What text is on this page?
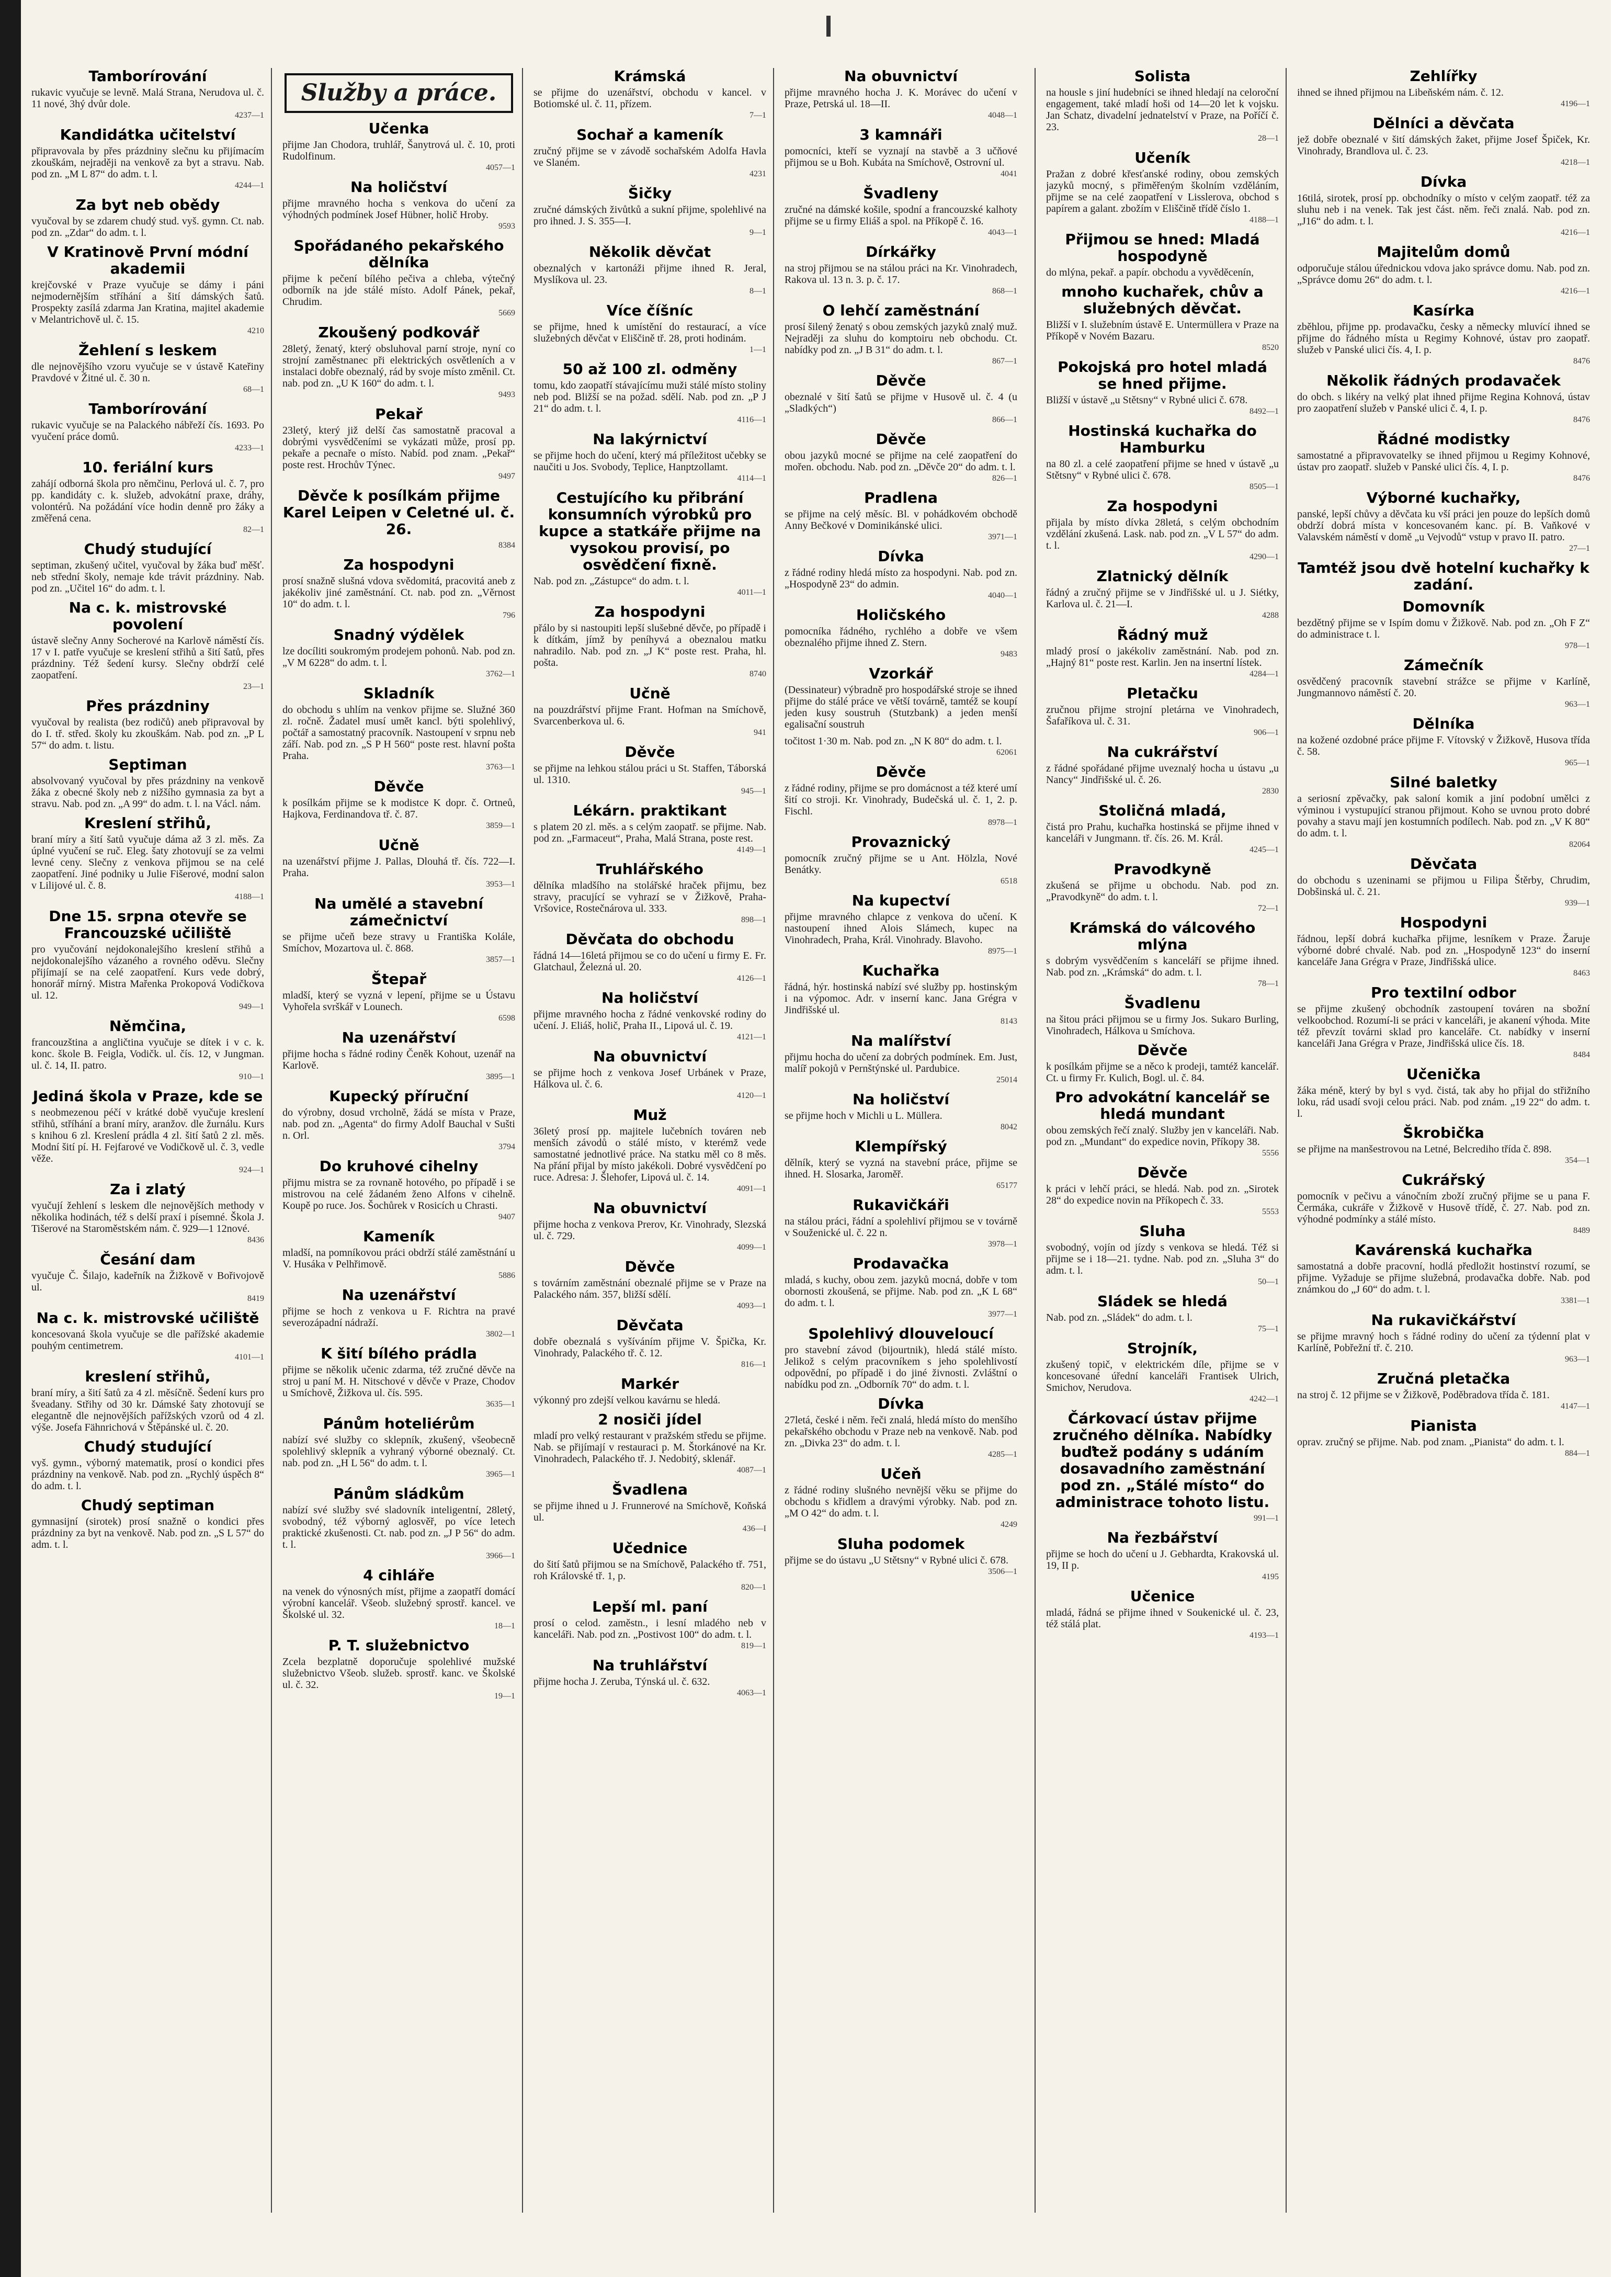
Tamborírování

rukavic vyučuje se levně. Malá Strana, Nerudova ul. č. 11 nové, 3hý dvůr dole.

4237—1

Kandidátka učitelství

připravovala by přes prázdniny slečnu ku přijímacím zkouškám, nejraději na venkově za byt a stravu. Nab. pod zn. „M L 87“ do adm. t. l.

4244—1

Za byt neb obědy

vyučoval by se zdarem chudý stud. vyš. gymn. Ct. nab. pod zn. „Zdar“ do adm. t. l.

V Kratinově První módní akademii

krejčovské v Praze vyučuje se dámy i páni nejmodernějším stříhání a šití dámských šatů. Prospekty zasílá zdarma Jan Kratina, majitel akademie v Melantrichově ul. č. 15.

4210

Žehlení s leskem

dle nejnovějšího vzoru vyučuje se v ústavě Kateřiny Pravdové v Žitné ul. č. 30 n.

68—1

Tamborírování

rukavic vyučuje se na Palackého nábřeží čís. 1693. Po vyučení práce domů.

4233—1

10. feriální kurs

zahájí odborná škola pro němčinu, Perlová ul. č. 7, pro pp. kandidáty c. k. služeb, advokátní praxe, dráhy, volontérů. Na požádání více hodin denně pro žáky a změřená cena.

82—1

Chudý studující

septiman, zkušený učitel, vyučoval by žáka buď měšť. neb střední školy, nemaje kde trávit prázdniny. Nab. pod zn. „Učitel 16“ do adm. t. l.

Na c. k. mistrovské povolení

ústavě slečny Anny Socherové na Karlově náměstí čís. 17 v I. patře vyučuje se kreslení střihů a šití šatů, přes prázdniny. Též šedení kursy. Slečny obdrží celé zaopatření.

23—1

Přes prázdniny

vyučoval by realista (bez rodičů) aneb připravoval by do I. tř. střed. školy ku zkouškám. Nab. pod zn. „P L 57“ do adm. t. listu.

Septiman

absolvovaný vyučoval by přes prázdniny na venkově žáka z obecné školy neb z nižšího gymnasia za byt a stravu. Nab. pod zn. „A 99“ do adm. t. l. na Václ. nám.

Kreslení střihů,

braní míry a šití šatů vyučuje dáma až 3 zl. měs. Za úplné vyučení se ruč. Eleg. šaty zhotovují se za velmi levné ceny. Slečny z venkova přijmou se na celé zaopatření. Jiné podniky u Julie Fišerové, modní salon v Lilijové ul. č. 8.

4188—1

Dne 15. srpna otevře se Francouzské učiliště

pro vyučování nejdokonalejšího kreslení střihů a nejdokonalejšího vázaného a rovného oděvu. Slečny přijímají se na celé zaopatření. Kurs vede dobrý, honorář mírný. Mistra Mařenka Prokopová Vodičkova ul. 12.

949—1

Němčina,

francouzština a angličtina vyučuje se dítek i v c. k. konc. škole B. Feigla, Vodičk. ul. čís. 12, v Jungman. ul. č. 14, II. patro.

910—1

Jediná škola v Praze, kde se

s neobmezenou péčí v krátké době vyučuje kreslení střihů, stříhání a braní míry, aranžov. dle žurnálu. Kurs s knihou 6 zl. Kreslení prádla 4 zl. šití šatů 2 zl. měs. Modní šití pí. H. Fejfarové ve Vodičkově ul. č. 3, vedle věže.

924—1

Za i zlatý

vyučují žehlení s leskem dle nejnovějších methody v několika hodinách, též s delší praxí i písemné. Škola J. Tišerové na Staroměstském nám. č. 929—1 12nové.

8436

Česání dam

vyučuje Č. Šilajo, kadeřník na Žižkově v Bořivojově ul.

8419

Na c. k. mistrovské učiliště

koncesovaná škola vyučuje se dle pařížské akademie pouhým centimetrem.

4101—1

kreslení střihů,

braní míry, a šití šatů za 4 zl. měsíčně. Šedení kurs pro šveadany. Střihy od 30 kr. Dámské šaty zhotovují se elegantně dle nejnovějších pařížských vzorů od 4 zl. výše. Josefa Fähnrichová v Štěpánské ul. č. 20.

Chudý studující

vyš. gymn., výborný matematik, prosí o kondici přes prázdniny na venkově. Nab. pod zn. „Rychlý úspěch 8“ do adm. t. l.

Chudý septiman

gymnasijní (sirotek) prosí snažně o kondici přes prázdniny za byt na venkově. Nab. pod zn. „S L 57“ do adm. t. l.

Služby a práce.

Učenka

přijme Jan Chodora, truhlář, Šanytrová ul. č. 10, proti Rudolfinum.

4057—1

Na holičství

přijme mravného hocha s venkova do učení za výhodných podmínek Josef Hübner, holič Hroby.

9593

Spořádaného pekařského dělníka

přijme k pečení bílého pečiva a chleba, výtečný odborník na jde stálé místo. Adolf Pánek, pekař, Chrudim.

5669

Zkoušený podkovář

28letý, ženatý, který obsluhoval parní stroje, nyní co strojní zaměstnanec při elektrických osvětleních a v instalaci dobře obeznalý, rád by svoje místo změnil. Ct. nab. pod zn. „U K 160“ do adm. t. l.

9493

Pekař

23letý, který již delší čas samostatně pracoval a dobrými vysvědčeními se vykázati může, prosí pp. pekaře a pecnaře o místo. Nabíd. pod znam. „Pekař“ poste rest. Hrochův Týnec.

9497

Děvče k posílkám přijme Karel Leipen v Celetné ul. č. 26.

8384

Za hospodyni

prosí snažně slušná vdova svědomitá, pracovitá aneb z jakékoliv jiné zaměstnání. Ct. nab. pod zn. „Věrnost 10“ do adm. t. l.

796

Snadný výdělek

lze docíliti soukromým prodejem pohonů. Nab. pod zn. „V M 6228“ do adm. t. l.

3762—1

Skladník

do obchodu s uhlím na venkov přijme se. Služné 360 zl. ročně. Žadatel musí umět kancl. býti spolehlivý, počtář a samostatný pracovník. Nastoupení v srpnu neb září. Nab. pod zn. „S P H 560“ poste rest. hlavní pošta Praha.

3763—1

Děvče

k posílkám přijme se k modistce K dopr. č. Ortneů, Hajkova, Ferdinandova tř. č. 87.

3859—1

Učně

na uzenářství přijme J. Pallas, Dlouhá tř. čís. 722—I. Praha.

3953—1

Na umělé a stavební zámečnictví

se přijme učeň beze stravy u Františka Kolále, Smíchov, Mozartova ul. č. 868.

3857—1

Štepař

mladší, který se vyzná v lepení, přijme se u Ústavu Vyhořela svrškář v Lounech.

6598

Na uzenářství

přijme hocha s řádné rodiny Čeněk Kohout, uzenář na Karlově.

3895—1

Kupecký příruční

do výrobny, dosud vrcholně, žádá se místa v Praze, nab. pod zn. „Agenta“ do firmy Adolf Bauchal v Sušti n. Orl.

3794

Do kruhové cihelny

přijmu mistra se za rovnaně hotového, po případě i se mistrovou na celé žádaném ženo Alfons v cihelně. Koupě po ruce. Jos. Šochůrek v Rosicích u Chrasti.

9407

Kameník

mladší, na pomníkovou práci obdrží stálé zaměstnání u V. Husáka v Pelhřimově.

5886

Na uzenářství

přijme se hoch z venkova u F. Richtra na pravé severozápadní nádraží.

3802—1

K šití bílého prádla

přijme se několik učenic zdarma, též zručné děvče na stroj u paní M. H. Nitschové v děvče v Praze, Chodov u Smíchově, Žižkova ul. čís. 595.

3635—1

Pánům hoteliérům

nabízí své služby co sklepník, zkušený, všeobecně spolehlivý sklepník a vyhraný výborné obeznalý. Ct. nab. pod zn. „H L 56“ do adm. t. l.

3965—1

Pánům sládkům

nabízí své služby své sladovník inteligentní, 28letý, svobodný, též výborný aglosvěř, po více letech praktické zkušenosti. Ct. nab. pod zn. „J P 56“ do adm. t. l.

3966—1

4 cihláře

na venek do výnosných míst, přijme a zaopatří domácí výrobní kancelář. Všeob. služebný sprostř. kancel. ve Školské ul. 32.

18—1

P. T. služebnictvo

Zcela bezplatně doporučuje spolehlivé mužské služebnictvo Všeob. služeb. sprostř. kanc. ve Školské ul. č. 32.

19—1

Krámská

se přijme do uzenářství, obchodu v kancel. v Botiomské ul. č. 11, přízem.

7—1

Sochař a kameník

zručný přijme se v závodě sochařském Adolfa Havla ve Slaném.

4231

Šičky

zručné dámských živůtků a sukní přijme, spolehlivé na pro ihned. J. S. 355—I.

9—1

Několik děvčat

obeznalých v kartonáži přijme ihned R. Jeral, Myslíkova ul. 23.

8—1

Více číšníc

se přijme, hned k umístění do restaurací, a více služebných děvčat v Eliščině tř. 28, proti hodinám.

1—1

50 až 100 zl. odměny

tomu, kdo zaopatří stávajícímu muži stálé místo stoliny neb pod. Bližší se na požad. sdělí. Nab. pod zn. „P J 21“ do adm. t. l.

4116—1

Na lakýrnictví

se přijme hoch do učení, který má příležitost učebky se naučiti u Jos. Svobody, Teplice, Hanptzollamt.

4114—1

Cestujícího ku přibrání konsumních výrobků pro kupce a statkáře přijme na vysokou provisí, po osvědčení fixně.

Nab. pod zn. „Zástupce“ do adm. t. l.

4011—1

Za hospodyni

přálo by si nastoupiti lepší slušebné děvče, po případě i k dítkám, jímž by peníhyvá a obeznalou matku nahradilo. Nab. pod zn. „J K“ poste rest. Praha, hl. pošta.

8740

Učně

na pouzdrářství přijme Frant. Hofman na Smíchově, Svarcenberkova ul. 6.

941

Děvče

se přijme na lehkou stálou práci u St. Staffen, Táborská ul. 1310.

945—1

Lékárn. praktikant

s platem 20 zl. měs. a s celým zaopatř. se přijme. Nab. pod zn. „Farmaceut“, Praha, Malá Strana, poste rest.

4149—1

Truhlářského

dělníka mladšího na stolářské hraček přijmu, bez stravy, pracující se vyhrazí se v Žižkově, Praha-Vršovice, Rostečnárova ul. 333.

898—1

Děvčata do obchodu

řádná 14—16letá přijmou se co do učení u firmy E. Fr. Glatchaul, Železná ul. 20.

4126—1

Na holičství

přijme mravného hocha z řádné venkovské rodiny do učení. J. Eliáš, holič, Praha II., Lipová ul. č. 19.

4121—1

Na obuvnictví

se přijme hoch z venkova Josef Urbánek v Praze, Hálkova ul. č. 6.

4120—1

Muž

36letý prosí pp. majitele lučebních továren neb menších závodů o stálé místo, v kterémž vede samostatné jednotlivé práce. Na statku měl co 8 měs. Na přání přijal by místo jakékoli. Dobré vysvědčení po ruce. Adresa: J. Šlehofer, Lipová ul. č. 14.

4091—1

Na obuvnictví

přijme hocha z venkova Prerov, Kr. Vinohrady, Slezská ul. č. 729.

4099—1

Děvče

s továrním zaměstnání obeznalé přijme se v Praze na Palackého nám. 357, bližší sdělí.

4093—1

Děvčata

dobře obeznalá s vyšíváním přijme V. Špička, Kr. Vinohrady, Palackého tř. č. 12.

816—1

Markér

výkonný pro zdejší velkou kavárnu se hledá.

2 nosiči jídel

mladí pro velký restaurant v pražském středu se přijme. Nab. se přijímají v restauraci p. M. Štorkánové na Kr. Vinohradech, Palackého tř. J. Nedobitý, sklenář.

4087—1

Švadlena

se přijme ihned u J. Frunnerové na Smíchově, Koňská ul.

436—I

Učednice

do šití šatů přijmou se na Smíchově, Palackého tř. 751, roh Královské tř. 1, p.

820—1

Lepší ml. paní

prosí o celod. zaměstn., i lesní mladého neb v kanceláři. Nab. pod zn. „Postivost 100“ do adm. t. l.

819—1

Na truhlářství

přijme hocha J. Zeruba, Týnská ul. č. 632.

4063—1

Na obuvnictví

přijme mravného hocha J. K. Morávec do učení v Praze, Petrská ul. 18—II.

4048—1

3 kamnáři

pomocníci, kteří se vyznají na stavbě a 3 učňové přijmou se u Boh. Kubáta na Smíchově, Ostrovní ul.

4041

Švadleny

zručné na dámské košile, spodní a francouzské kalhoty přijme se u firmy Eliáš a spol. na Příkopě č. 16.

4043—1

Dírkářky

na stroj přijmou se na stálou práci na Kr. Vinohradech, Rakova ul. 13 n. 3. p. č. 17.

868—1

O lehčí zaměstnání

prosí šilený ženatý s obou zemských jazyků znalý muž. Nejraději za sluhu do komptoiru neb obchodu. Ct. nabídky pod zn. „J B 31“ do adm. t. l.

867—1

Děvče

obeznalé v šití šatů se přijme v Husově ul. č. 4 (u „Sladkých“)

866—1

Děvče

obou jazyků mocné se přijme na celé zaopatření do mořen. obchodu. Nab. pod zn. „Děvče 20“ do adm. t. l.

826—1

Pradlena

se přijme na celý měsíc. Bl. v pohádkovém obchodě Anny Bečkové v Dominikánské ulici.

3971—1

Dívka

z řádné rodiny hledá místo za hospodyni. Nab. pod zn. „Hospodyně 23“ do admin.

4040—1

Holičského

pomocníka řádného, rychlého a dobře ve všem obeznalého přijme ihned Z. Stern.

9483

Vzorkář

(Dessinateur) výbradně pro hospodářské stroje se ihned přijme do stálé práce ve větší továrně, tamtéž se koupí jeden kusy soustruh (Stutzbank) a jeden menší egalisační soustruh

točitost 1·30 m. Nab. pod zn. „N K 80“ do adm. t. l.

62061

Děvče

z řádné rodiny, přijme se pro domácnost a též které umí šití co stroji. Kr. Vinohrady, Budečská ul. č. 1, 2. p. Fischl.

8978—1

Provaznický

pomocník zručný přijme se u Ant. Hölzla, Nové Benátky.

6518

Na kupectví

přijme mravného chlapce z venkova do učení. K nastoupení ihned Alois Slámech, kupec na Vinohradech, Praha, Král. Vinohrady. Blavoho.

8975—1

Kuchařka

řádná, hýr. hostinská nabízí své služby pp. hostinským i na výpomoc. Adr. v inserní kanc. Jana Grégra v Jindřišské ul.

8143

Na malířství

přijmu hocha do učení za dobrých podmínek. Em. Just, malíř pokojů v Pernštýnské ul. Pardubice.

25014

Na holičství

se přijme hoch v Michli u L. Müllera.

8042

Klempířský

dělník, který se vyzná na stavební práce, přijme se ihned. H. Slosarka, Jaroměř.

65177

Rukavičkáři

na stálou práci, řádní a spolehliví přijmou se v továrně v Souženické ul. č. 22 n.

3978—1

Prodavačka

mladá, s kuchy, obou zem. jazyků mocná, dobře v tom obornosti zkoušená, se přijme. Nab. pod zn. „K L 68“ do adm. t. l.

3977—1

Spolehlivý dlouveloucí

pro stavební závod (bijourtnik), hledá stálé místo. Jelikož s celým pracovníkem s jeho spolehlivostí odpovědní, po případě i do jiné živnosti. Zvláštní o nabídku pod zn. „Odborník 70“ do adm. t. l.

Dívka

27letá, české i něm. řeči znalá, hledá místo do menšího pekařského obchodu v Praze neb na venkově. Nab. pod zn. „Divka 23“ do adm. t. l.

4285—1

Učeň

z řádné rodiny slušného nevnější věku se přijme do obchodu s křidlem a dravými výrobky. Nab. pod zn. „M O 42“ do adm. t. l.

4249

Sluha podomek

přijme se do ústavu „U Stětsny“ v Rybné ulici č. 678.

3506—1

Solista

na housle s jiní hudebníci se ihned hledají na celoroční engagement, také mladí hoši od 14—20 let k vojsku. Jan Schatz, divadelní jednatelství v Praze, na Poříčí č. 23.

28—1

Učeník

Pražan z dobré křesťanské rodiny, obou zemských jazyků mocný, s přiměřeným školním vzděláním, přijme se na celé zaopatření v Lisslerova, obchod s papírem a galant. zbožím v Eliščině třídě číslo 1.

4188—1

Přijmou se hned: Mladá hospodyně

do mlýna, pekař. a papír. obchodu a vyvěděcenín,

mnoho kuchařek, chův a služebných děvčat.

Bližší v I. služebním ústavě E. Untermüllera v Praze na Příkopě v Novém Bazaru.

8520

Pokojská pro hotel mladá se hned přijme.

Bližší v ústavě „u Stětsny“ v Rybné ulici č. 678.

8492—1

Hostinská kuchařka do Hamburku

na 80 zl. a celé zaopatření přijme se hned v ústavě „u Stětsny“ v Rybné ulici č. 678.

8505—1

Za hospodyni

přijala by místo dívka 28letá, s celým obchodním vzdělání zkušená. Lask. nab. pod zn. „V L 57“ do adm. t. l.

4290—1

Zlatnický dělník

řádný a zručný přijme se v Jindřišské ul. u J. Siétky, Karlova ul. č. 21—I.

4288

Řádný muž

mladý prosí o jakékoliv zaměstnání. Nab. pod zn. „Hajný 81“ poste rest. Karlin. Jen na insertní lístek.

4284—1

Pletačku

zručnou přijme strojní pletárna ve Vinohradech, Šafaříkova ul. č. 31.

906—1

Na cukrářství

z řádné spořádané přijme uveznalý hocha u ústavu „u Nancy“ Jindřišské ul. č. 26.

2830

Stoličná mladá,

čistá pro Prahu, kuchařka hostinská se přijme ihned v kanceláři v Jungmann. tř. čís. 26. M. Král.

4245—1

Pravodkyně

zkušená se přijme u obchodu. Nab. pod zn. „Pravodkyně“ do adm. t. l.

72—1

Krámská do válcového mlýna

s dobrým vysvědčením s kanceláří se přijme ihned. Nab. pod zn. „Krámská“ do adm. t. l.

78—1

Švadlenu

na šitou práci přijmou se u firmy Jos. Sukaro Burling, Vinohradech, Hálkova u Smíchova.

Děvče

k posílkám přijme se a něco k prodeji, tamtéž kancelář. Ct. u firmy Fr. Kulich, Bogl. ul. č. 84.

Pro advokátní kancelář se hledá mundant

obou zemských řečí znalý. Služby jen v kanceláři. Nab. pod zn. „Mundant“ do expedice novin, Příkopy 38.

5556

Děvče

k práci v lehčí práci, se hledá. Nab. pod zn. „Sirotek 28“ do expedice novin na Příkopech č. 33.

5553

Sluha

svobodný, vojín od jízdy s venkova se hledá. Též si přijme se i 18—21. tydne. Nab. pod zn. „Sluha 3“ do adm. t. l.

50—1

Sládek se hledá

Nab. pod zn. „Sládek“ do adm. t. l.

75—1

Strojník,

zkušený topič, v elektrickém díle, přijme se v koncesované úřední kanceláři Frantisek Ulrich, Smichov, Nerudova.

4242—1

Čárkovací ústav přijme zručného dělníka. Nabídky buďtež podány s udáním dosavadního zaměstnání pod zn. „Stálé místo“ do administrace tohoto listu.

991—1

Na řezbářství

přijme se hoch do učení u J. Gebhardta, Krakovská ul. 19, II p.

4195

Učenice

mladá, řádná se přijme ihned v Soukenické ul. č. 23, též stálá plat.

4193—1

Zehlířky

ihned se ihned přijmou na Libeňském nám. č. 12.

4196—1

Dělníci a děvčata

jež dobře obeznalé v šití dámských žaket, přijme Josef Špiček, Kr. Vinohrady, Brandlova ul. č. 23.

4218—1

Dívka

16tilá, sirotek, prosí pp. obchodníky o místo v celým zaopatř. též za sluhu neb i na venek. Tak jest část. něm. řeči znalá. Nab. pod zn. „J16“ do adm. t. l.

4216—1

Majitelům domů

odporučuje stálou úřednickou vdova jako správce domu. Nab. pod zn. „Správce domu 26“ do adm. t. l.

4216—1

Kasírka

zběhlou, přijme pp. prodavačku, česky a německy mluvící ihned se přijme do řádného místa u Regimy Kohnové, ústav pro zaopatř. služeb v Panské ulici čís. 4, I. p.

8476

Několik řádných prodavaček

do obch. s likéry na velký plat ihned přijme Regina Kohnová, ústav pro zaopatření služeb v Panské ulici č. 4, I. p.

8476

Řádné modistky

samostatné a připravovatelky se ihned přijmou u Regimy Kohnové, ústav pro zaopatř. služeb v Panské ulici čís. 4, I. p.

8476

Výborné kuchařky,

panské, lepší chůvy a děvčata ku vší práci jen pouze do lepších domů obdrží dobrá místa v koncesovaném kanc. pí. B. Vaňkové v Valavském náměstí v domě „u Vejvodů“ vstup v pravo II. patro.

27—1

Tamtéž jsou dvě hotelní kuchařky k zadání.

Domovník

bezdětný přijme se v Ispím domu v Žižkově. Nab. pod zn. „Oh F Z“ do administrace t. l.

978—1

Zámečník

osvědčený pracovník stavební strážce se přijme v Karlíně, Jungmannovo náměstí č. 20.

963—1

Dělníka

na kožené ozdobné práce přijme F. Vítovský v Žižkově, Husova třída č. 58.

965—1

Silné baletky

a seriosní zpěvačky, pak saloní komik a jiní podobní umělci z výminou i vystupující stranou přijmout. Koho se uvnou proto dobré povahy a stavu mají jen kostumních podílech. Nab. pod zn. „V K 80“ do adm. t. l.

82064

Děvčata

do obchodu s uzeninami se přijmou u Filipa Štěrby, Chrudim, Dobšinská ul. č. 21.

939—1

Hospodyni

řádnou, lepší dobrá kuchařka přijme, lesníkem v Praze. Žaruje výborné dobré chvalé. Nab. pod zn. „Hospodyně 123“ do inserní kanceláře Jana Grégra v Praze, Jindřišská ulice.

8463

Pro textilní odbor

se přijme zkušený obchodník zastoupení továren na sbožní velkoobchod. Rozumí-li se práci v kanceláři, je akanení výhoda. Mite též převzít továrni sklad pro kanceláře. Ct. nabídky v inserní kanceláři Jana Grégra v Praze, Jindřišská ulice čís. 18.

8484

Učenička

žáka méně, který by byl s vyd. čistá, tak aby ho přijal do střižního loku, rád usadí svoji celou práci. Nab. pod znám. „19 22“ do adm. t. l.

Škrobička

se přijme na manšestrovou na Letné, Belcrediho třída č. 898.

354—1

Cukrářský

pomocník v pečivu a vánočním zboží zručný přijme se u pana F. Čermáka, cukráře v Žižkově v Husově třídě, č. 27. Nab. pod zn. výhodné podmínky a stálé místo.

8489

Kavárenská kuchařka

samostatná a dobře pracovní, hodlá předložit hostinství rozumí, se přijme. Vyžaduje se přijme služebná, prodavačka dobře. Nab. pod známkou do „J 60“ do adm. t. l.

3381—1

Na rukavičkářství

se přijme mravný hoch s řádné rodiny do učení za týdenní plat v Karlíně, Pobřežní tř. č. 210.

963—1

Zručná pletačka

na stroj č. 12 přijme se v Žižkově, Poděbradova třída č. 181.

4147—1

Pianista

oprav. zručný se přijme. Nab. pod znam. „Pianista“ do adm. t. l.

884—1
